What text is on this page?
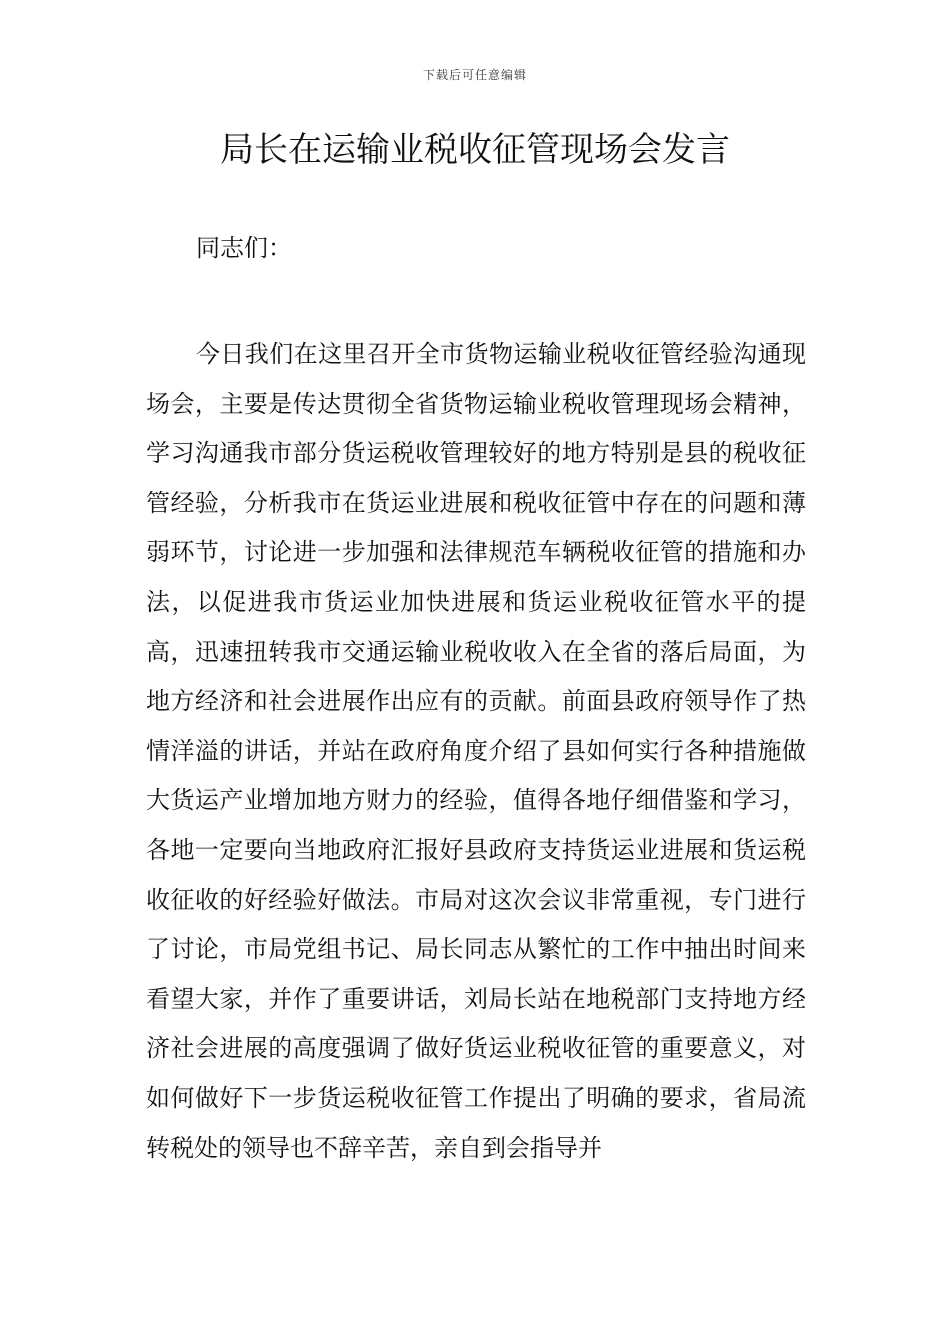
下载后可任意编辑
局长在运输业税收征管现场会发言

同志们：

今日我们在这里召开全市货物运输业税收征管经验沟通现场会，主要是传达贯彻全省货物运输业税收管理现场会精神，学习沟通我市部分货运税收管理较好的地方特别是县的税收征管经验，分析我市在货运业进展和税收征管中存在的问题和薄弱环节，讨论进一步加强和法律规范车辆税收征管的措施和办法，以促进我市货运业加快进展和货运业税收征管水平的提高，迅速扭转我市交通运输业税收收入在全省的落后局面，为地方经济和社会进展作出应有的贡献。前面县政府领导作了热情洋溢的讲话，并站在政府角度介绍了县如何实行各种措施做大货运产业增加地方财力的经验，值得各地仔细借鉴和学习，各地一定要向当地政府汇报好县政府支持货运业进展和货运税收征收的好经验好做法。市局对这次会议非常重视，专门进行了讨论，市局党组书记、局长同志从繁忙的工作中抽出时间来看望大家，并作了重要讲话，刘局长站在地税部门支持地方经济社会进展的高度强调了做好货运业税收征管的重要意义，对如何做好下一步货运税收征管工作提出了明确的要求，省局流转税处的领导也不辞辛苦，亲自到会指导并
